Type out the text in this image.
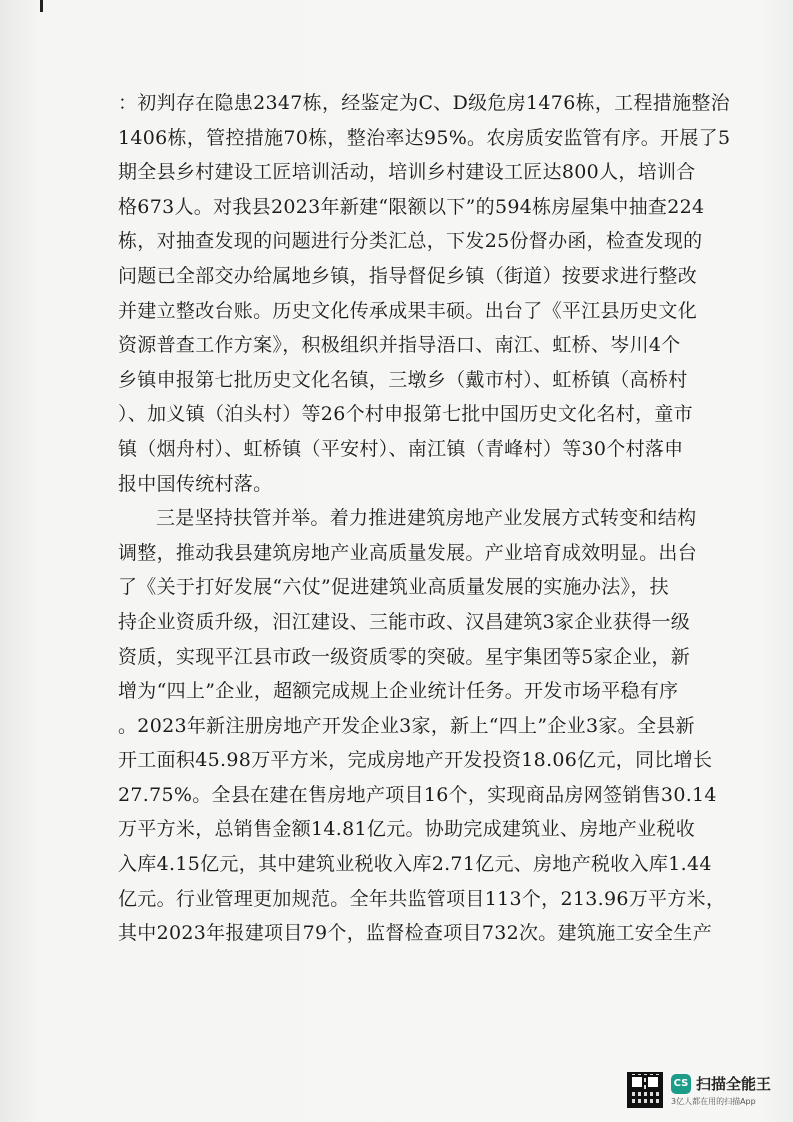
：初判存在隐患2347栋，经鉴定为C、D级危房1476栋，工程措施整治
1406栋，管控措施70栋，整治率达95%。农房质安监管有序。开展了5
期全县乡村建设工匠培训活动，培训乡村建设工匠达800人，培训合
格673人。对我县2023年新建“限额以下”的594栋房屋集中抽查224
栋，对抽查发现的问题进行分类汇总，下发25份督办函，检查发现的
问题已全部交办给属地乡镇，指导督促乡镇（街道）按要求进行整改
并建立整改台账。历史文化传承成果丰硕。出台了《平江县历史文化
资源普查工作方案》，积极组织并指导浯口、南江、虹桥、岑川4个
乡镇申报第七批历史文化名镇，三墩乡（戴市村）、虹桥镇（高桥村
）、加义镇（泊头村）等26个村申报第七批中国历史文化名村，童市
镇（烟舟村）、虹桥镇（平安村）、南江镇（青峰村）等30个村落申
报中国传统村落。
三是坚持扶管并举。着力推进建筑房地产业发展方式转变和结构
调整，推动我县建筑房地产业高质量发展。产业培育成效明显。出台
了《关于打好发展“六仗”促进建筑业高质量发展的实施办法》，扶
持企业资质升级，汨江建设、三能市政、汉昌建筑3家企业获得一级
资质，实现平江县市政一级资质零的突破。星宇集团等5家企业，新
增为“四上”企业，超额完成规上企业统计任务。开发市场平稳有序
。2023年新注册房地产开发企业3家，新上“四上”企业3家。全县新
开工面积45.98万平方米，完成房地产开发投资18.06亿元，同比增长
27.75%。全县在建在售房地产项目16个，实现商品房网签销售30.14
万平方米，总销售金额14.81亿元。协助完成建筑业、房地产业税收
入库4.15亿元，其中建筑业税收入库2.71亿元、房地产税收入库1.44
亿元。行业管理更加规范。全年共监管项目113个，213.96万平方米，
其中2023年报建项目79个，监督检查项目732次。建筑施工安全生产
CS 扫描全能王
3亿人都在用的扫描App
